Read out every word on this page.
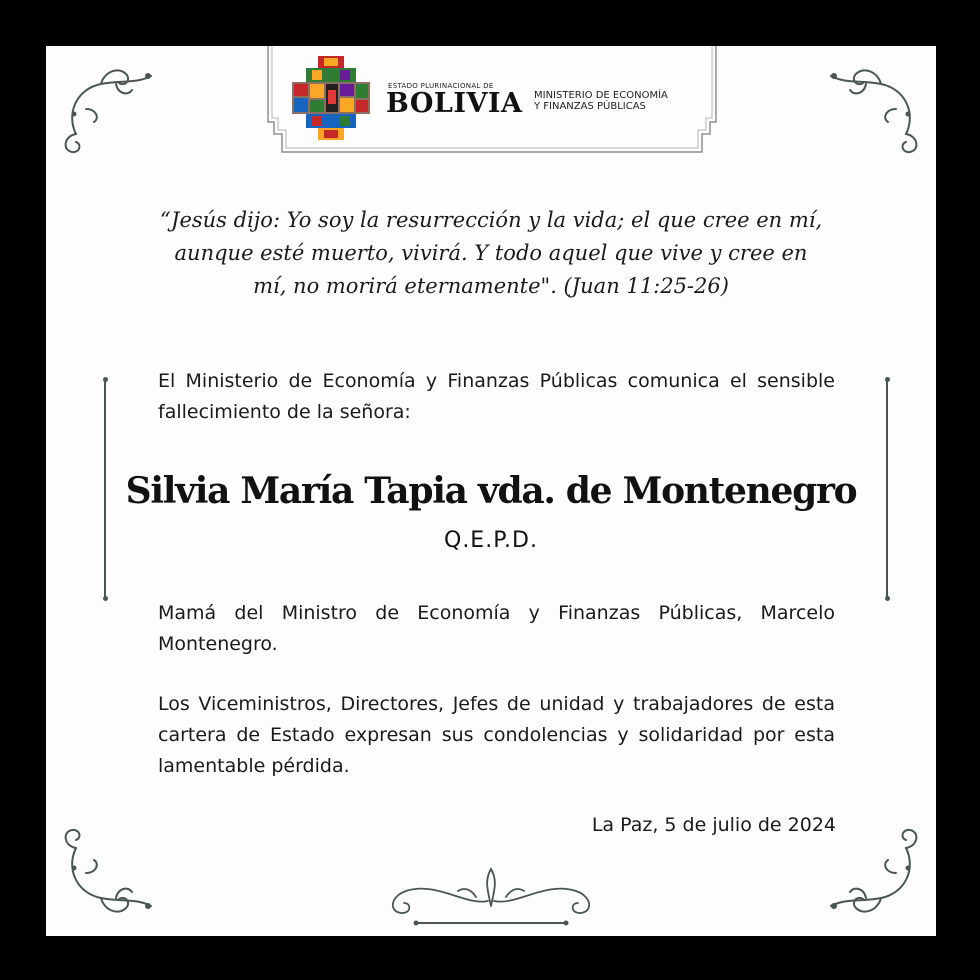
ESTADO PLURINACIONAL DE
BOLIVIA MINISTERIO DE ECONOMÍA
Y FINANZAS PÚBLICAS
“Jesús dijo: Yo soy la resurrección y la vida; el que cree en mí, aunque esté muerto, vivirá. Y todo aquel que vive y cree en mí, no morirá eternamente". (Juan 11:25-26)
El Ministerio de Economía y Finanzas Públicas comunica el sensible fallecimiento de la señora:
Silvia María Tapia vda. de Montenegro
Q.E.P.D.
Mamá del Ministro de Economía y Finanzas Públicas, Marcelo Montenegro.
Los Viceministros, Directores, Jefes de unidad y trabajadores de esta cartera de Estado expresan sus condolencias y solidaridad por esta lamentable pérdida.
La Paz, 5 de julio de 2024
